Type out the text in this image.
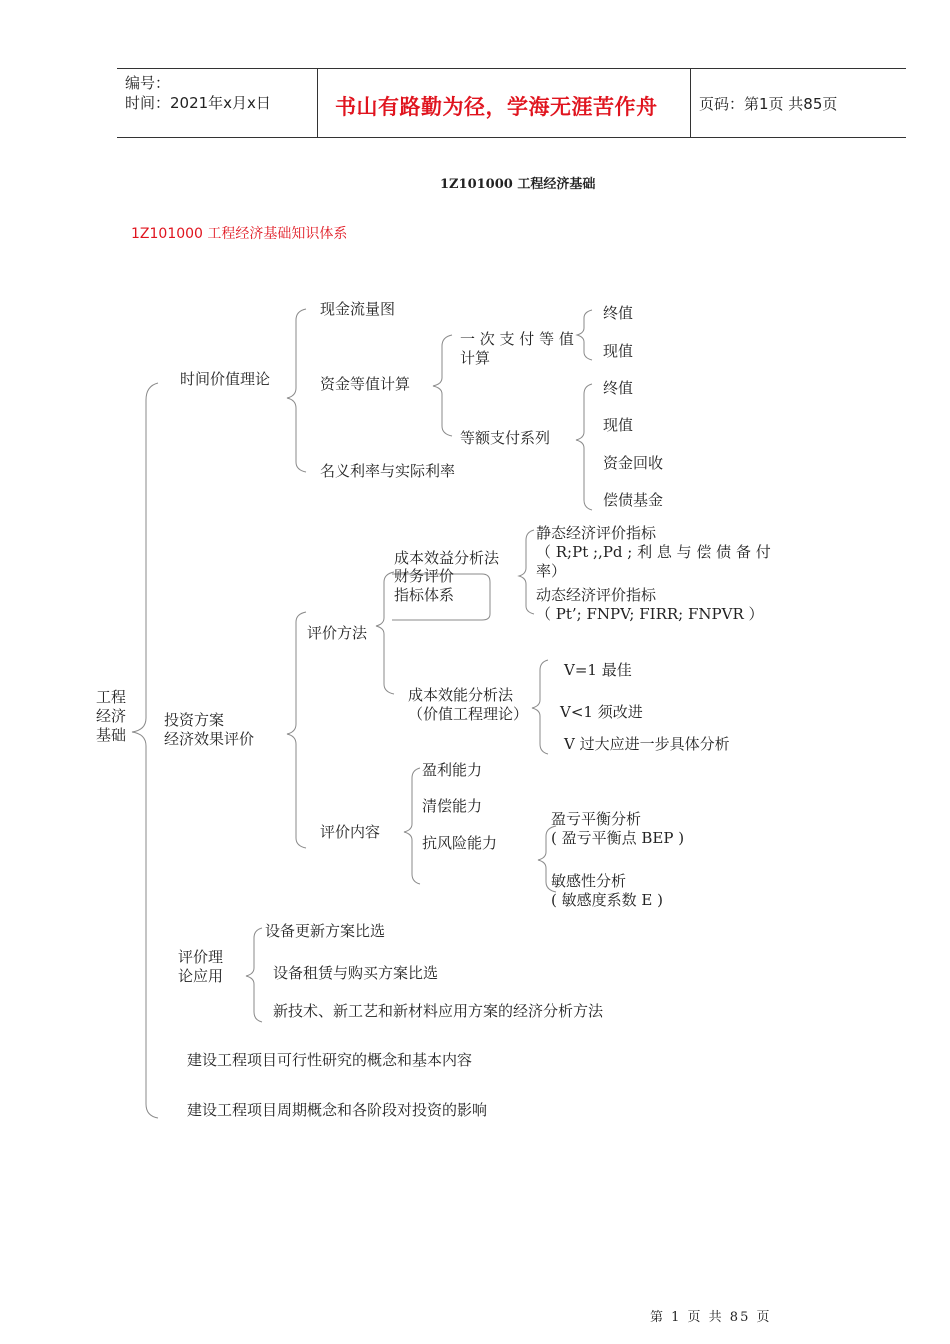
编号：
时间：2021年x月x日	书山有路勤为径，学海无涯苦作舟	页码：第1页 共85页
1Z101000 工程经济基础
1Z101000 工程经济基础知识体系
工程
经济
基础
时间价值理论
现金流量图
资金等值计算
一 次 支 付 等 值
计算
终值
现值
等额支付系列
终值
现值
资金回收
偿债基金
名义利率与实际利率
投资方案
经济效果评价
评价方法
成本效益分析法
财务评价
指标体系
静态经济评价指标
（ R;Pt ;,Pd ; 利 息 与 偿 债 备 付
率）
动态经济评价指标
（ Pt’; FNPV; FIRR; FNPVR ）
成本效能分析法
（价值工程理论）
V=1 最佳
V<1 须改进
V 过大应进一步具体分析
评价内容
盈利能力
清偿能力
抗风险能力
盈亏平衡分析
( 盈亏平衡点 BEP )
敏感性分析
( 敏感度系数 E )
评价理
论应用
设备更新方案比选
设备租赁与购买方案比选
新技术、新工艺和新材料应用方案的经济分析方法
建设工程项目可行性研究的概念和基本内容
建设工程项目周期概念和各阶段对投资的影响
第 1 页 共 85 页
